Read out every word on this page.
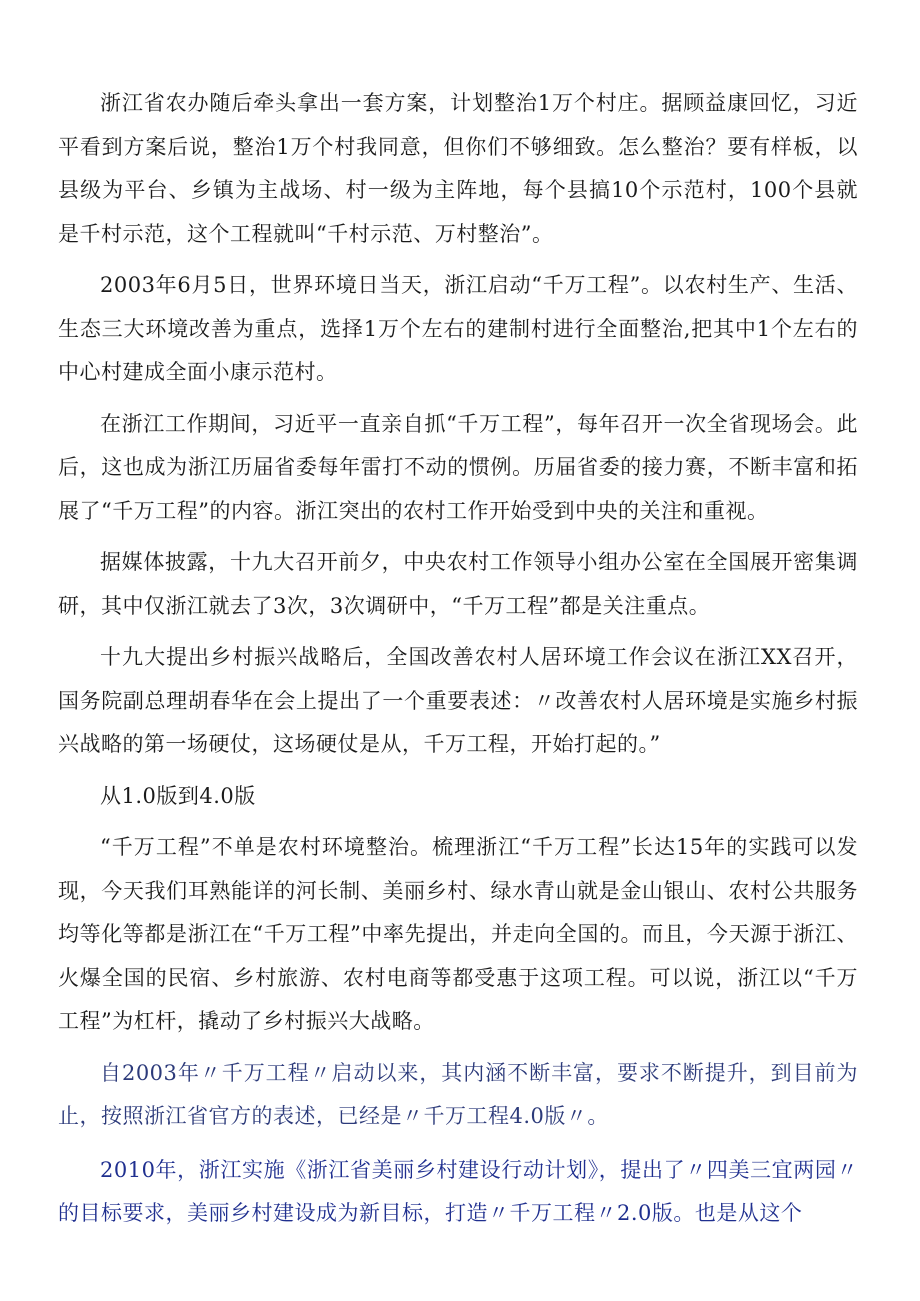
浙江省农办随后牵头拿出一套方案，计划整治1万个村庄。据顾益康回忆，习近平看到方案后说，整治1万个村我同意，但你们不够细致。怎么整治？要有样板，以县级为平台、乡镇为主战场、村一级为主阵地，每个县搞10个示范村，100个县就是千村示范，这个工程就叫“千村示范、万村整治”。

2003年6月5日，世界环境日当天，浙江启动“千万工程”。以农村生产、生活、生态三大环境改善为重点，选择1万个左右的建制村进行全面整治,把其中1个左右的中心村建成全面小康示范村。

在浙江工作期间，习近平一直亲自抓“千万工程”，每年召开一次全省现场会。此后，这也成为浙江历届省委每年雷打不动的惯例。历届省委的接力赛，不断丰富和拓展了“千万工程”的内容。浙江突出的农村工作开始受到中央的关注和重视。

据媒体披露，十九大召开前夕，中央农村工作领导小组办公室在全国展开密集调研，其中仅浙江就去了3次，3次调研中，“千万工程”都是关注重点。

十九大提出乡村振兴战略后，全国改善农村人居环境工作会议在浙江XX召开，国务院副总理胡春华在会上提出了一个重要表述：〃改善农村人居环境是实施乡村振兴战略的第一场硬仗，这场硬仗是从，千万工程，开始打起的。”

从1.0版到4.0版

“千万工程”不单是农村环境整治。梳理浙江“千万工程”长达15年的实践可以发现，今天我们耳熟能详的河长制、美丽乡村、绿水青山就是金山银山、农村公共服务均等化等都是浙江在“千万工程”中率先提出，并走向全国的。而且，今天源于浙江、火爆全国的民宿、乡村旅游、农村电商等都受惠于这项工程。可以说，浙江以“千万工程”为杠杆，撬动了乡村振兴大战略。

自2003年〃千万工程〃启动以来，其内涵不断丰富，要求不断提升，到目前为止，按照浙江省官方的表述，已经是〃千万工程4.0版〃。

2010年，浙江实施《浙江省美丽乡村建设行动计划》，提出了〃四美三宜两园〃的目标要求，美丽乡村建设成为新目标，打造〃千万工程〃2.0版。也是从这个
